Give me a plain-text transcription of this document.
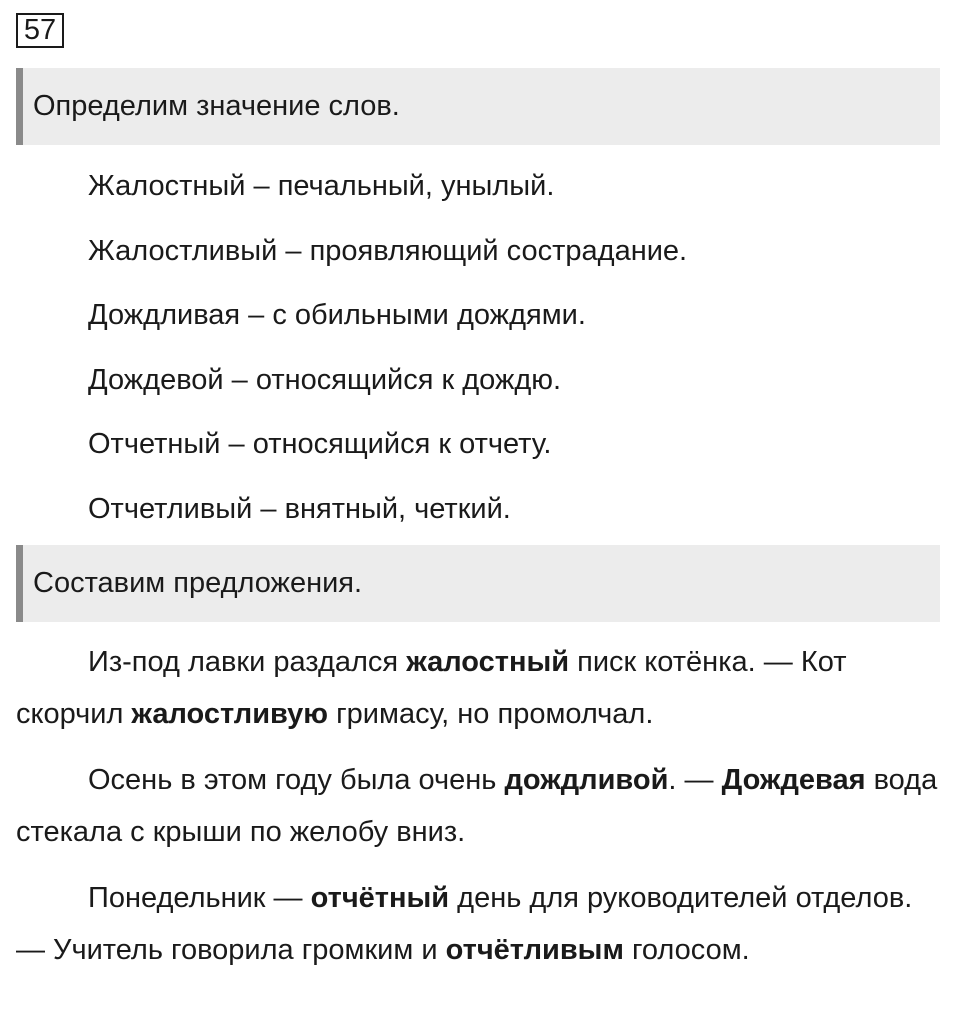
57
Определим значение слов.
Жалостный – печальный, унылый.
Жалостливый – проявляющий сострадание.
Дождливая – с обильными дождями.
Дождевой – относящийся к дождю.
Отчетный – относящийся к отчету.
Отчетливый – внятный, четкий.
Составим предложения.

Из-под лавки раздался жалостный писк котёнка. — Кот скорчил жалостливую гримасу, но промолчал.

Осень в этом году была очень дождливой. — Дождевая вода стекала с крыши по желобу вниз.

Понедельник — отчётный день для руководителей отделов. — Учитель говорила громким и отчётливым голосом.
